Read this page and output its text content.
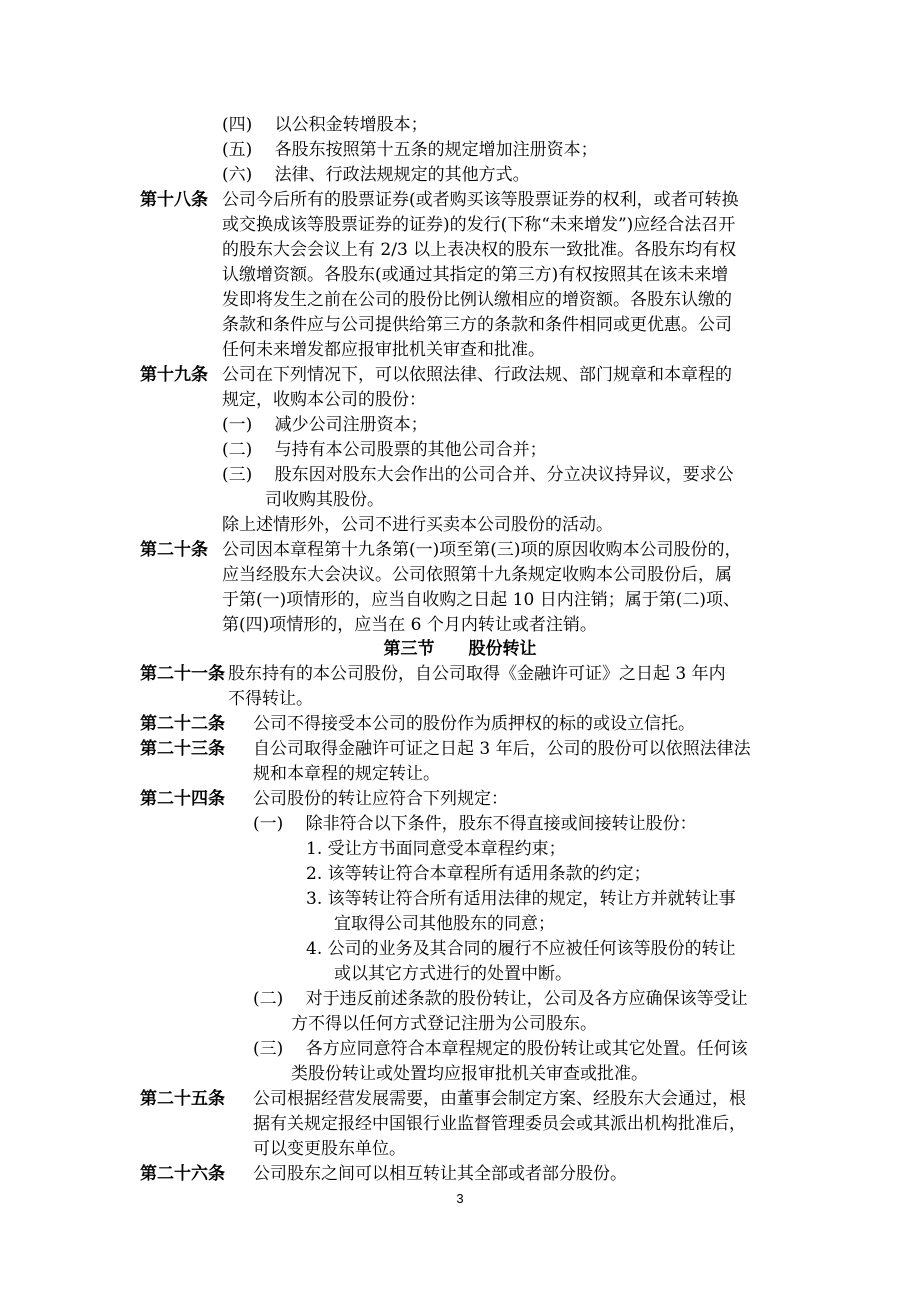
(四)　 以公积金转增股本；
(五)　 各股东按照第十五条的规定增加注册资本；
(六)　 法律、行政法规规定的其他方式。
第十八条 公司今后所有的股票证券(或者购买该等股票证券的权利，或者可转换
或交换成该等股票证券的证券)的发行(下称“未来增发”)应经合法召开
的股东大会会议上有 2/3 以上表决权的股东一致批准。各股东均有权
认缴增资额。各股东(或通过其指定的第三方)有权按照其在该未来增
发即将发生之前在公司的股份比例认缴相应的增资额。各股东认缴的
条款和条件应与公司提供给第三方的条款和条件相同或更优惠。公司
任何未来增发都应报审批机关审查和批准。
第十九条 公司在下列情况下，可以依照法律、行政法规、部门规章和本章程的
规定，收购本公司的股份：
(一)　 减少公司注册资本；
(二)　 与持有本公司股票的其他公司合并；
(三)　 股东因对股东大会作出的公司合并、分立决议持异议，要求公
司收购其股份。
除上述情形外，公司不进行买卖本公司股份的活动。
第二十条 公司因本章程第十九条第(一)项至第(三)项的原因收购本公司股份的，
应当经股东大会决议。公司依照第十九条规定收购本公司股份后，属
于第(一)项情形的，应当自收购之日起 10 日内注销；属于第(二)项、
第(四)项情形的，应当在 6 个月内转让或者注销。
第三节 股份转让
第二十一条 股东持有的本公司股份，自公司取得《金融许可证》之日起 3 年内
不得转让。
第二十二条 公司不得接受本公司的股份作为质押权的标的或设立信托。
第二十三条 自公司取得金融许可证之日起 3 年后，公司的股份可以依照法律法
规和本章程的规定转让。
第二十四条 公司股份的转让应符合下列规定：
(一)　 除非符合以下条件，股东不得直接或间接转让股份：
1. 受让方书面同意受本章程约束；
2. 该等转让符合本章程所有适用条款的约定；
3. 该等转让符合所有适用法律的规定，转让方并就转让事
宜取得公司其他股东的同意；
4. 公司的业务及其合同的履行不应被任何该等股份的转让
或以其它方式进行的处置中断。
(二)　 对于违反前述条款的股份转让，公司及各方应确保该等受让
方不得以任何方式登记注册为公司股东。
(三)　 各方应同意符合本章程规定的股份转让或其它处置。任何该
类股份转让或处置均应报审批机关审查或批准。
第二十五条 公司根据经营发展需要，由董事会制定方案、经股东大会通过，根
据有关规定报经中国银行业监督管理委员会或其派出机构批准后，
可以变更股东单位。
第二十六条 公司股东之间可以相互转让其全部或者部分股份。
3
